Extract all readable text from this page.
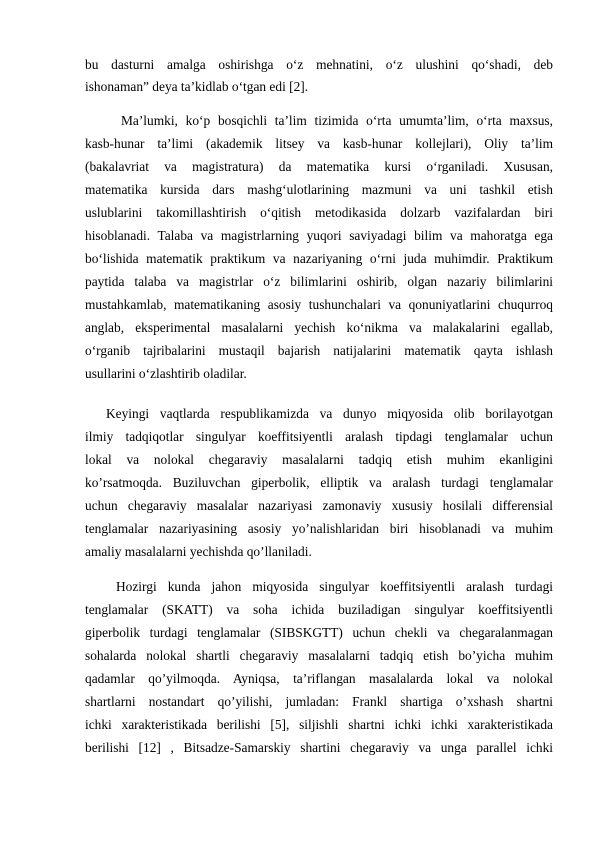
bu dasturni amalga oshirishga oʻz mehnatini, oʻz ulushini qoʻshadi, deb
ishonaman” deya taʼkidlab oʻtgan edi [2].
Maʼlumki, koʻp bosqichli taʼlim tizimida oʻrta umumtaʼlim, oʻrta maxsus,
kasb-hunar taʼlimi (akademik litsey va kasb-hunar kollejlari), Oliy taʼlim
(bakalavriat va magistratura) da matematika kursi oʻrganiladi. Xususan,
matematika kursida dars mashgʻulotlarining mazmuni va uni tashkil etish
uslublarini takomillashtirish oʻqitish metodikasida dolzarb vazifalardan biri
hisoblanadi. Talaba va magistrlarning yuqori saviyadagi bilim va mahoratga ega
boʻlishida matematik praktikum va nazariyaning oʻrni juda muhimdir. Praktikum
paytida talaba va magistrlar oʻz bilimlarini oshirib, olgan nazariy bilimlarini
mustahkamlab, matematikaning asosiy tushunchalari va qonuniyatlarini chuqurroq
anglab, eksperimental masalalarni yechish koʻnikma va malakalarini egallab,
oʻrganib tajribalarini mustaqil bajarish natijalarini matematik qayta ishlash
usullarini oʻzlashtirib oladilar.
Keyingi vaqtlarda respublikamizda va dunyo miqyosida olib borilayotgan
ilmiy tadqiqotlar singulyar koeffitsiyentli aralash tipdagi tenglamalar uchun
lokal va nolokal chegaraviy masalalarni tadqiq etish muhim ekanligini
ko’rsatmoqda. Buziluvchan giperbolik, elliptik va aralash turdagi tenglamalar
uchun chegaraviy masalalar nazariyasi zamonaviy xususiy hosilali differensial
tenglamalar nazariyasining asosiy yo’nalishlaridan biri hisoblanadi va muhim
amaliy masalalarni yechishda qo’llaniladi.
Hozirgi kunda jahon miqyosida singulyar koeffitsiyentli aralash turdagi
tenglamalar (SKATT) va soha ichida buziladigan singulyar koeffitsiyentli
giperbolik turdagi tenglamalar (SIBSKGTT) uchun chekli va chegaralanmagan
sohalarda nolokal shartli chegaraviy masalalarni tadqiq etish bo’yicha muhim
qadamlar qo’yilmoqda. Ayniqsa, ta’riflangan masalalarda lokal va nolokal
shartlarni nostandart qo’yilishi, jumladan: Frankl shartiga o’xshash shartni
ichki xarakteristikada berilishi [5], siljishli shartni ichki ichki xarakteristikada
berilishi [12] , Bitsadze-Samarskiy shartini chegaraviy va unga parallel ichki
